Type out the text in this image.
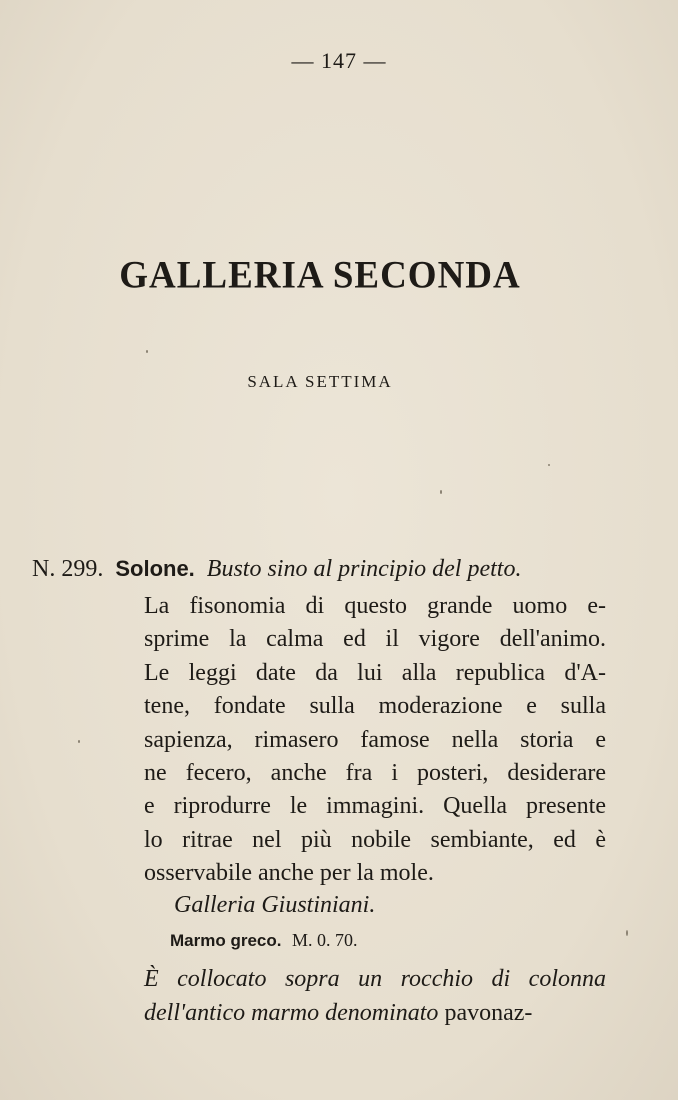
— 147 —
GALLERIA SECONDA
SALA SETTIMA
N. 299. Solone. Busto sino al principio del petto.
La fisonomia di questo grande uomo e-
sprime la calma ed il vigore dell'animo.
Le leggi date da lui alla republica d'A-
tene, fondate sulla moderazione e sulla
sapienza, rimasero famose nella storia e
ne fecero, anche fra i posteri, desiderare
e riprodurre le immagini. Quella presente
lo ritrae nel più nobile sembiante, ed è
osservabile anche per la mole.
Galleria Giustiniani.
Marmo greco. M. 0. 70.
È collocato sopra un rocchio di colonna
dell'antico marmo denominato pavonaz-
